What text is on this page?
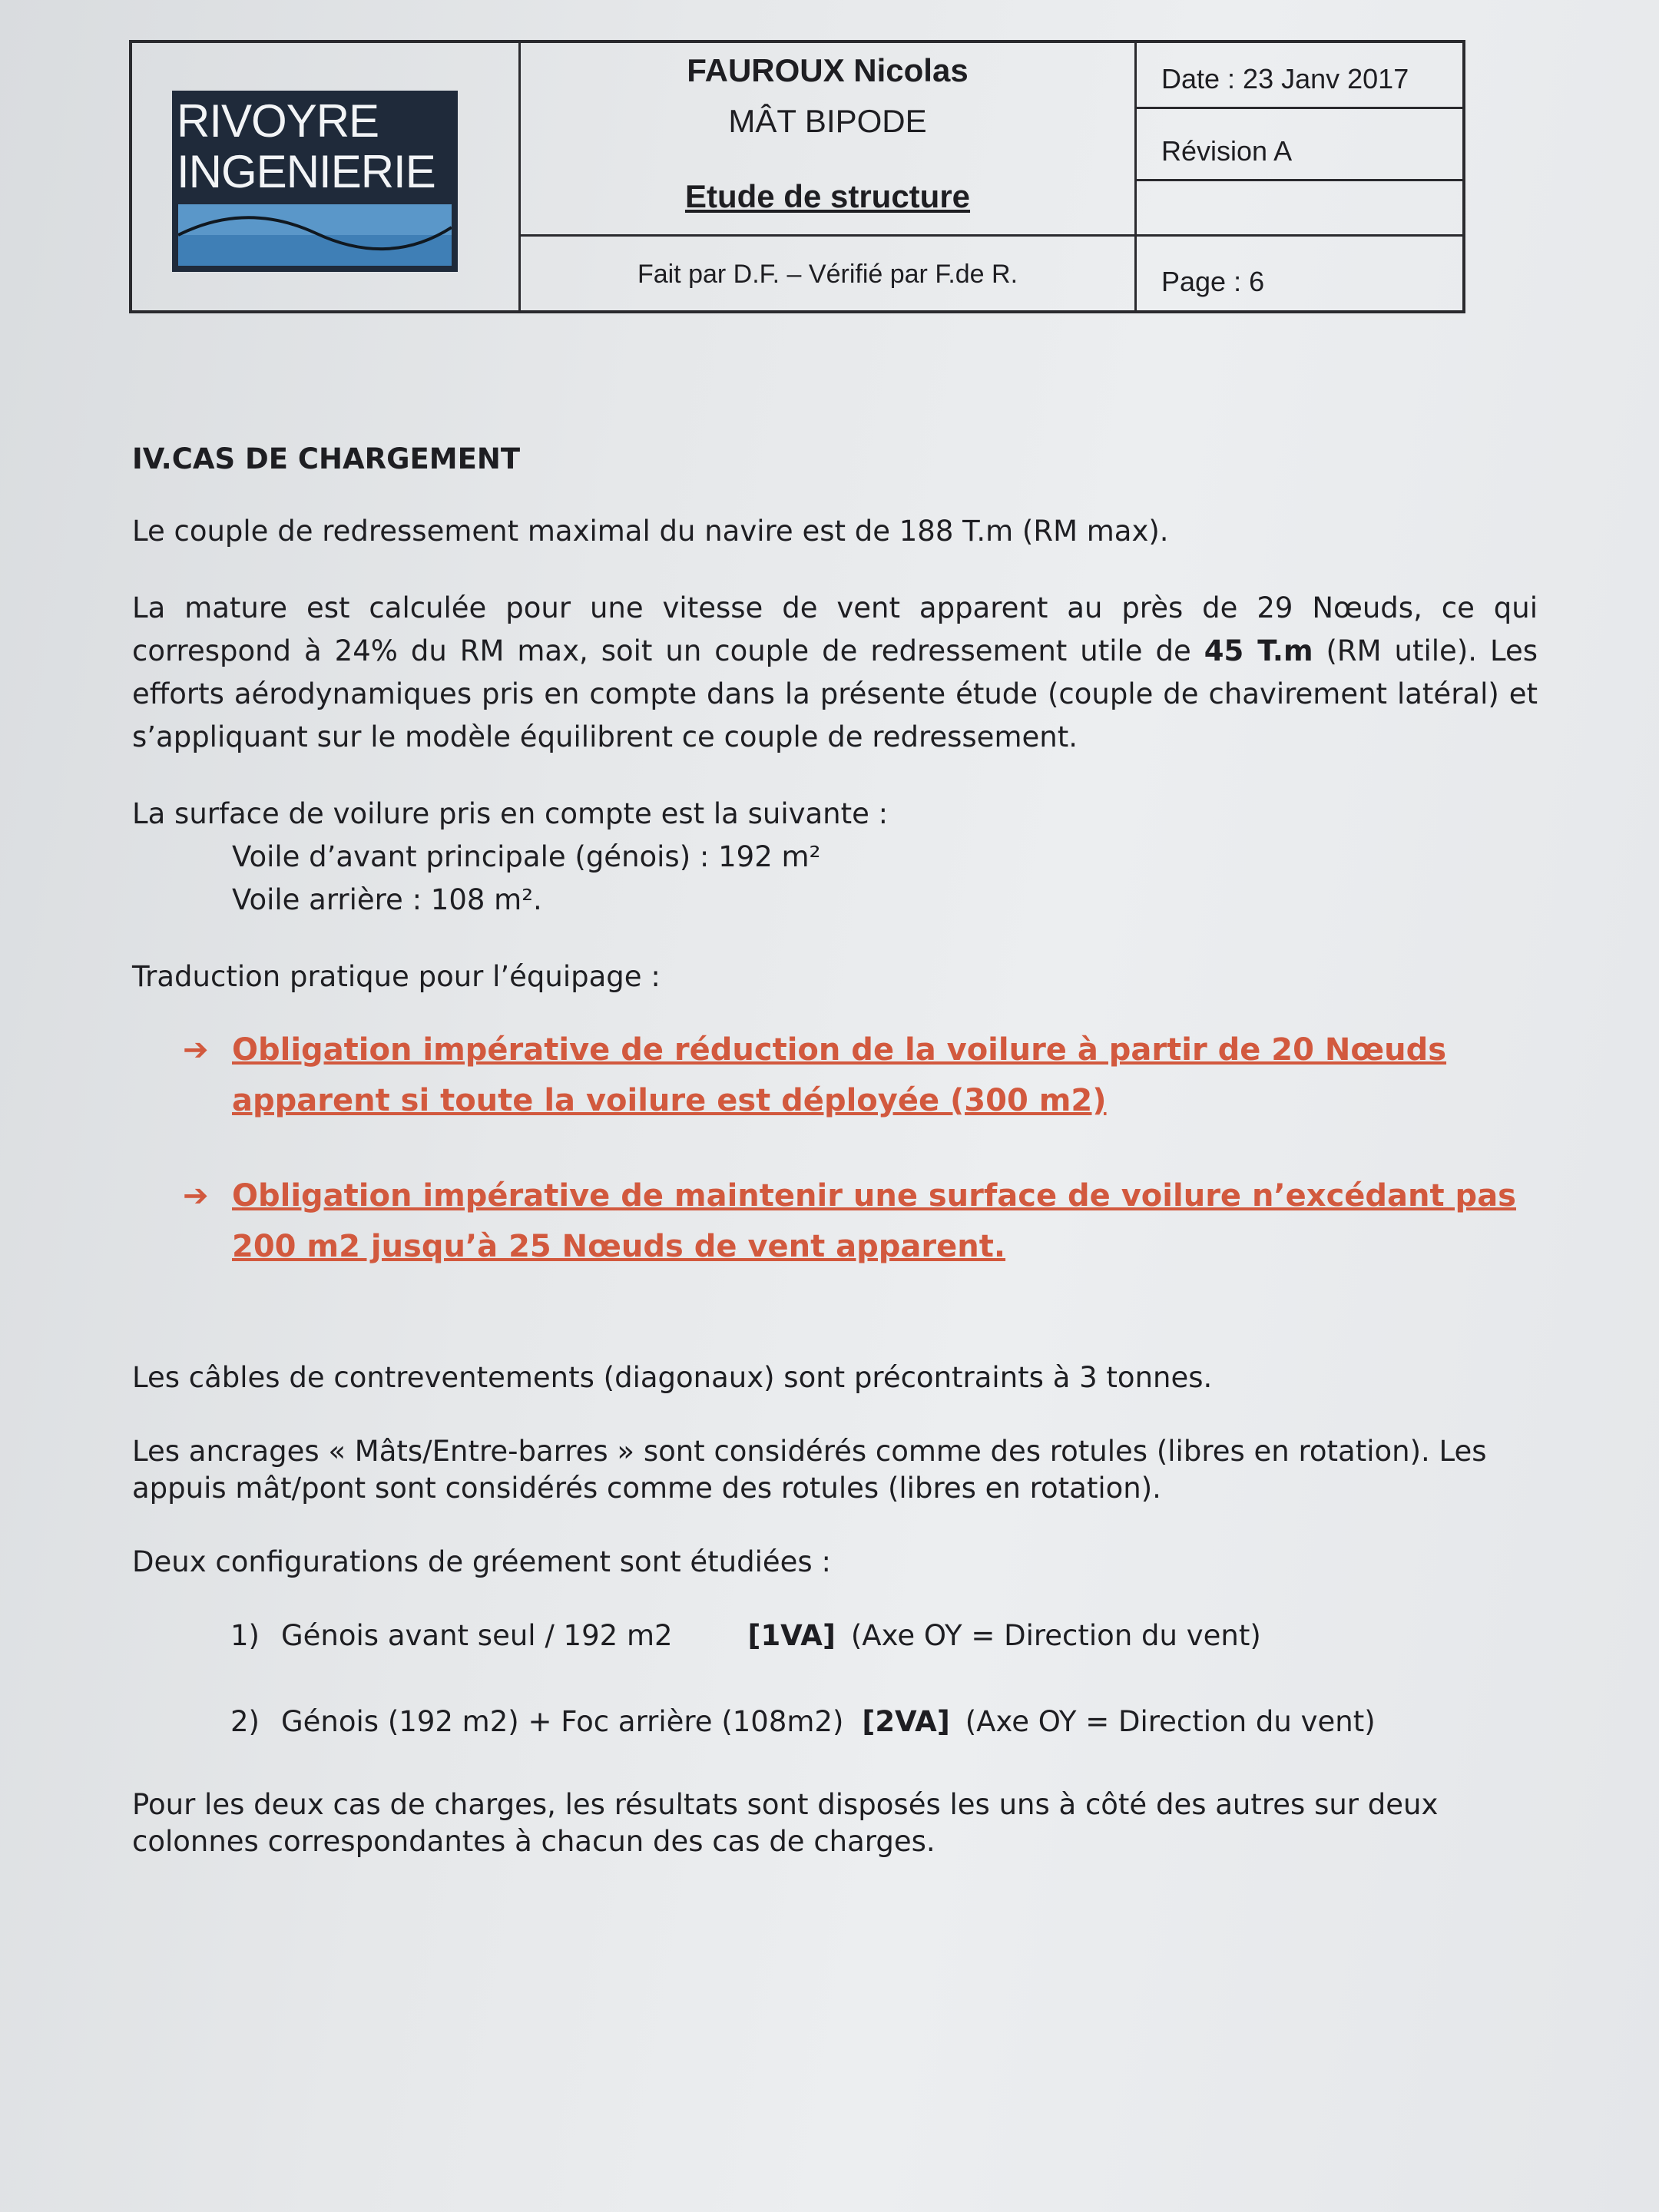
RIVOYRE
INGENIERIE
FAUROUX Nicolas
MÂT BIPODE
Etude de structure
Date : 23 Janv 2017
Révision A
Fait par D.F. – Vérifié par F.de R.	Page : 6
IV.CAS DE CHARGEMENT

Le couple de redressement maximal du navire est de 188 T.m (RM max).

La mature est calculée pour une vitesse de vent apparent au près de 29 Nœuds, ce qui correspond à 24% du RM max, soit un couple de redressement utile de 45 T.m (RM utile). Les efforts aérodynamiques pris en compte dans la présente étude (couple de chavirement latéral) et s’appliquant sur le modèle équilibrent ce couple de redressement.

La surface de voilure pris en compte est la suivante :
Voile d’avant principale (génois) : 192 m²
Voile arrière : 108 m².

Traduction pratique pour l’équipage :

➔ Obligation impérative de réduction de la voilure à partir de 20 Nœuds apparent si toute la voilure est déployée (300 m2)
➔ Obligation impérative de maintenir une surface de voilure n’excédant pas 200 m2 jusqu’à 25 Nœuds de vent apparent.

Les câbles de contreventements (diagonaux) sont précontraints à 3 tonnes.

Les ancrages « Mâts/Entre-barres » sont considérés comme des rotules (libres en rotation). Les appuis mât/pont sont considérés comme des rotules (libres en rotation).

Deux configurations de gréement sont étudiées :

1) Génois avant seul / 192 m2	[1VA] (Axe OY = Direction du vent)
2) Génois (192 m2) + Foc arrière (108m2) [2VA] (Axe OY = Direction du vent)

Pour les deux cas de charges, les résultats sont disposés les uns à côté des autres sur deux colonnes correspondantes à chacun des cas de charges.
